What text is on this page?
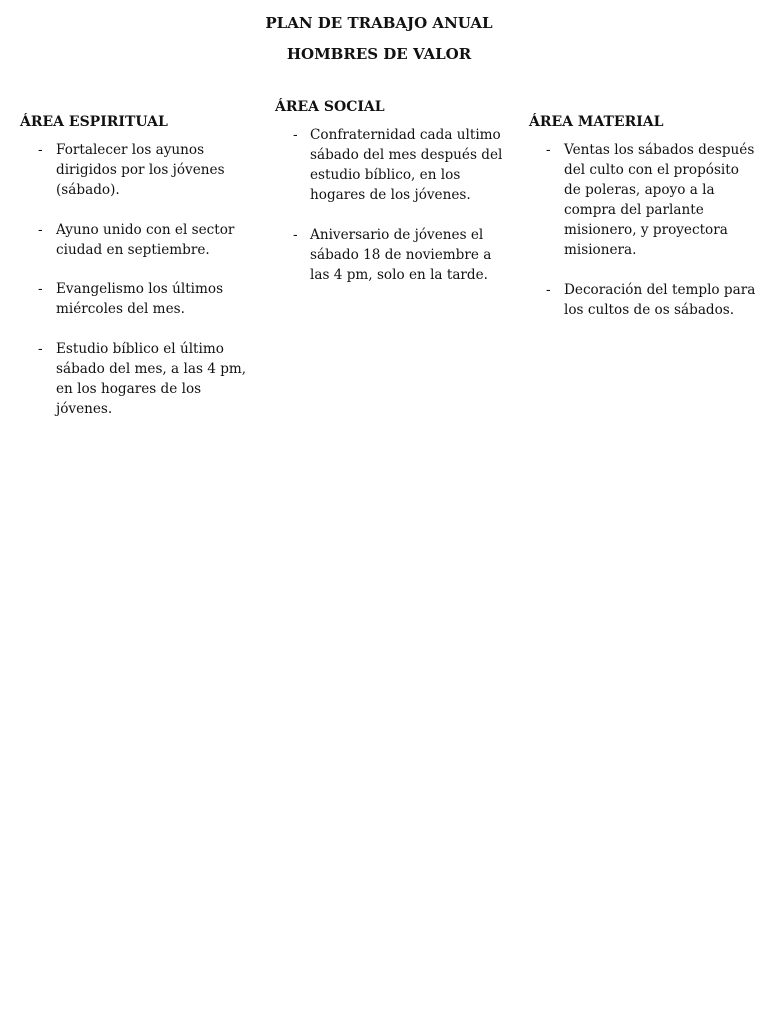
PLAN DE TRABAJO ANUAL
HOMBRES DE VALOR
ÁREA ESPIRITUAL
- Fortalecer los ayunos dirigidos por los jóvenes (sábado).
- Ayuno unido con el sector ciudad en septiembre.
- Evangelismo los últimos miércoles del mes.
- Estudio bíblico el último sábado del mes, a las 4 pm, en los hogares de los jóvenes.
ÁREA SOCIAL
- Confraternidad cada ultimo sábado del mes después del estudio bíblico, en los hogares de los jóvenes.
- Aniversario de jóvenes el sábado 18 de noviembre a las 4 pm, solo en la tarde.
ÁREA MATERIAL
- Ventas los sábados después del culto con el propósito de poleras, apoyo a la compra del parlante misionero, y proyectora misionera.
- Decoración del templo para los cultos de os sábados.
